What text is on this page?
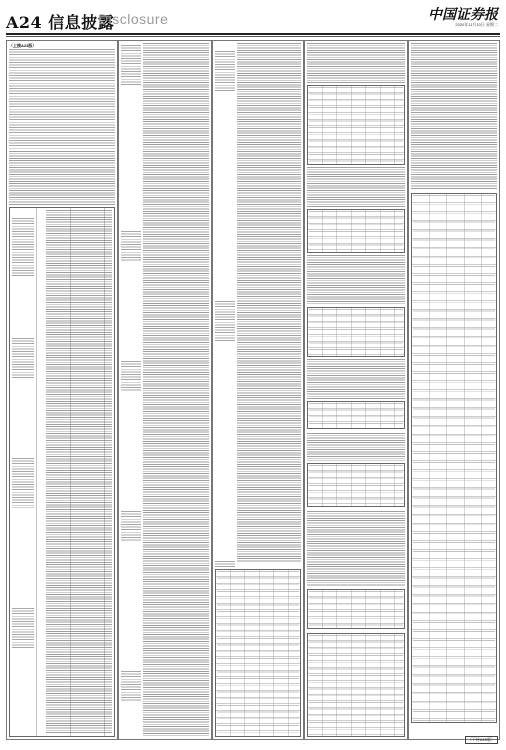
A24 信息披露
Disclosure	中国证券报
2020年11月10日 星期二
（上接A23版）
（下转A25版）
